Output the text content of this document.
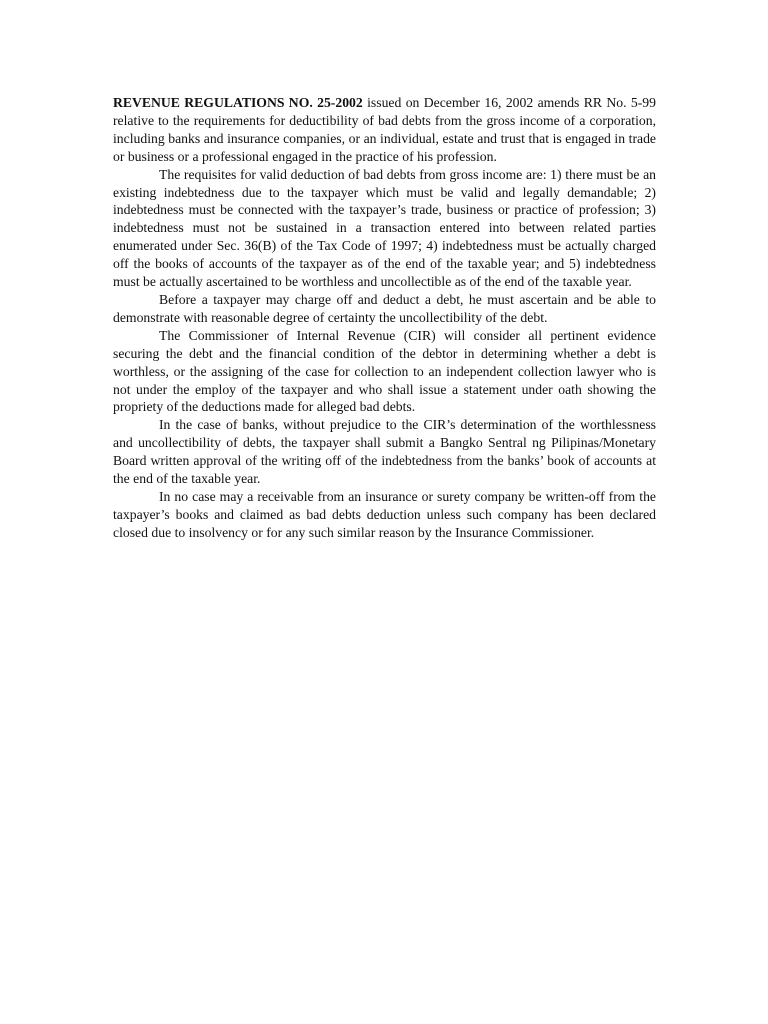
REVENUE REGULATIONS NO. 25-2002 issued on December 16, 2002 amends RR No. 5-99 relative to the requirements for deductibility of bad debts from the gross income of a corporation, including banks and insurance companies, or an individual, estate and trust that is engaged in trade or business or a professional engaged in the practice of his profession.

The requisites for valid deduction of bad debts from gross income are: 1) there must be an existing indebtedness due to the taxpayer which must be valid and legally demandable; 2) indebtedness must be connected with the taxpayer’s trade, business or practice of profession; 3) indebtedness must not be sustained in a transaction entered into between related parties enumerated under Sec. 36(B) of the Tax Code of 1997; 4) indebtedness must be actually charged off the books of accounts of the taxpayer as of the end of the taxable year; and 5) indebtedness must be actually ascertained to be worthless and uncollectible as of the end of the taxable year.

Before a taxpayer may charge off and deduct a debt, he must ascertain and be able to demonstrate with reasonable degree of certainty the uncollectibility of the debt.

The Commissioner of Internal Revenue (CIR) will consider all pertinent evidence securing the debt and the financial condition of the debtor in determining whether a debt is worthless, or the assigning of the case for collection to an independent collection lawyer who is not under the employ of the taxpayer and who shall issue a statement under oath showing the propriety of the deductions made for alleged bad debts.

In the case of banks, without prejudice to the CIR’s determination of the worthlessness and uncollectibility of debts, the taxpayer shall submit a Bangko Sentral ng Pilipinas/Monetary Board written approval of the writing off of the indebtedness from the banks’ book of accounts at the end of the taxable year.

In no case may a receivable from an insurance or surety company be written-off from the taxpayer’s books and claimed as bad debts deduction unless such company has been declared closed due to insolvency or for any such similar reason by the Insurance Commissioner.
